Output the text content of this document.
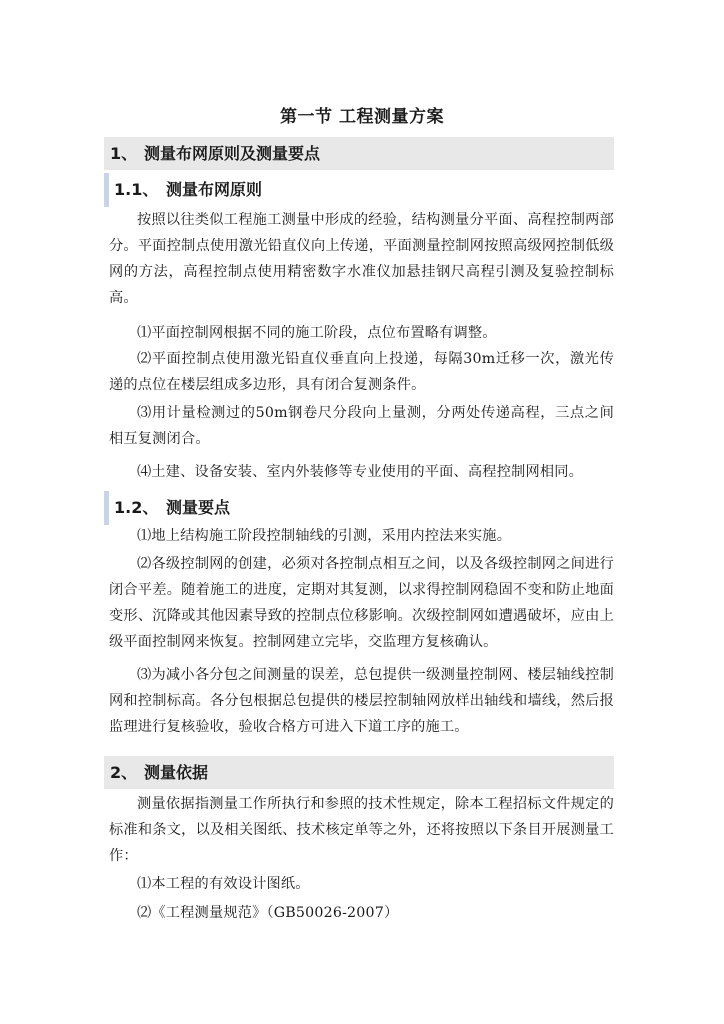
第一节 工程测量方案
1、 测量布网原则及测量要点
1.1、 测量布网原则
按照以往类似工程施工测量中形成的经验，结构测量分平面、高程控制两部分。平面控制点使用激光铅直仪向上传递，平面测量控制网按照高级网控制低级网的方法，高程控制点使用精密数字水准仪加悬挂钢尺高程引测及复验控制标高。
⑴平面控制网根据不同的施工阶段，点位布置略有调整。
⑵平面控制点使用激光铅直仪垂直向上投递，每隔30m迁移一次，激光传递的点位在楼层组成多边形，具有闭合复测条件。
⑶用计量检测过的50m钢卷尺分段向上量测，分两处传递高程，三点之间相互复测闭合。
⑷土建、设备安装、室内外装修等专业使用的平面、高程控制网相同。
1.2、 测量要点
⑴地上结构施工阶段控制轴线的引测，采用内控法来实施。
⑵各级控制网的创建，必须对各控制点相互之间，以及各级控制网之间进行闭合平差。随着施工的进度，定期对其复测，以求得控制网稳固不变和防止地面变形、沉降或其他因素导致的控制点位移影响。次级控制网如遭遇破坏，应由上级平面控制网来恢复。控制网建立完毕，交监理方复核确认。
⑶为减小各分包之间测量的误差，总包提供一级测量控制网、楼层轴线控制网和控制标高。各分包根据总包提供的楼层控制轴网放样出轴线和墙线，然后报监理进行复核验收，验收合格方可进入下道工序的施工。
2、 测量依据
测量依据指测量工作所执行和参照的技术性规定，除本工程招标文件规定的标准和条文，以及相关图纸、技术核定单等之外，还将按照以下条目开展测量工作：
⑴本工程的有效设计图纸。
⑵《工程测量规范》（GB50026-2007）
